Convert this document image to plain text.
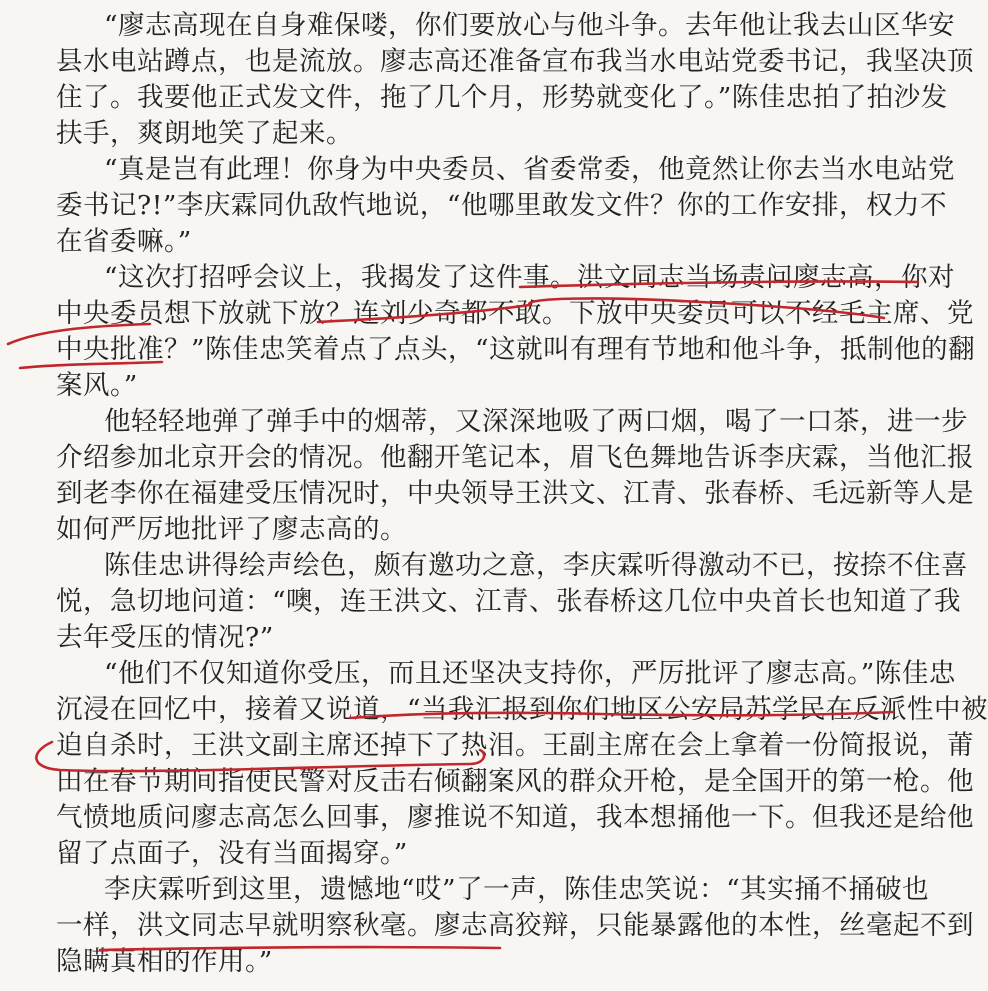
“廖志高现在自身难保喽，你们要放心与他斗争。去年他让我去山区华安
县水电站蹲点，也是流放。廖志高还准备宣布我当水电站党委书记，我坚决顶
住了。我要他正式发文件，拖了几个月，形势就变化了。”陈佳忠拍了拍沙发
扶手，爽朗地笑了起来。
“真是岂有此理！你身为中央委员、省委常委，他竟然让你去当水电站党
委书记?!”李庆霖同仇敌忾地说，“他哪里敢发文件？你的工作安排，权力不
在省委嘛。”
“这次打招呼会议上，我揭发了这件事。洪文同志当场责问廖志高，你对
中央委员想下放就下放？连刘少奇都不敢。下放中央委员可以不经毛主席、党
中央批准？”陈佳忠笑着点了点头，“这就叫有理有节地和他斗争，抵制他的翻
案风。”
他轻轻地弹了弹手中的烟蒂，又深深地吸了两口烟，喝了一口茶，进一步
介绍参加北京开会的情况。他翻开笔记本，眉飞色舞地告诉李庆霖，当他汇报
到老李你在福建受压情况时，中央领导王洪文、江青、张春桥、毛远新等人是
如何严厉地批评了廖志高的。
陈佳忠讲得绘声绘色，颇有邀功之意，李庆霖听得激动不已，按捺不住喜
悦，急切地问道：“噢，连王洪文、江青、张春桥这几位中央首长也知道了我
去年受压的情况?”
“他们不仅知道你受压，而且还坚决支持你，严厉批评了廖志高。”陈佳忠
沉浸在回忆中，接着又说道，“当我汇报到你们地区公安局苏学民在反派性中被
迫自杀时，王洪文副主席还掉下了热泪。王副主席在会上拿着一份简报说，莆
田在春节期间指使民警对反击右倾翻案风的群众开枪，是全国开的第一枪。他
气愤地质问廖志高怎么回事，廖推说不知道，我本想捅他一下。但我还是给他
留了点面子，没有当面揭穿。”
李庆霖听到这里，遗憾地“哎”了一声，陈佳忠笑说：“其实捅不捅破也
一样，洪文同志早就明察秋毫。廖志高狡辩，只能暴露他的本性，丝毫起不到
隐瞒真相的作用。”
